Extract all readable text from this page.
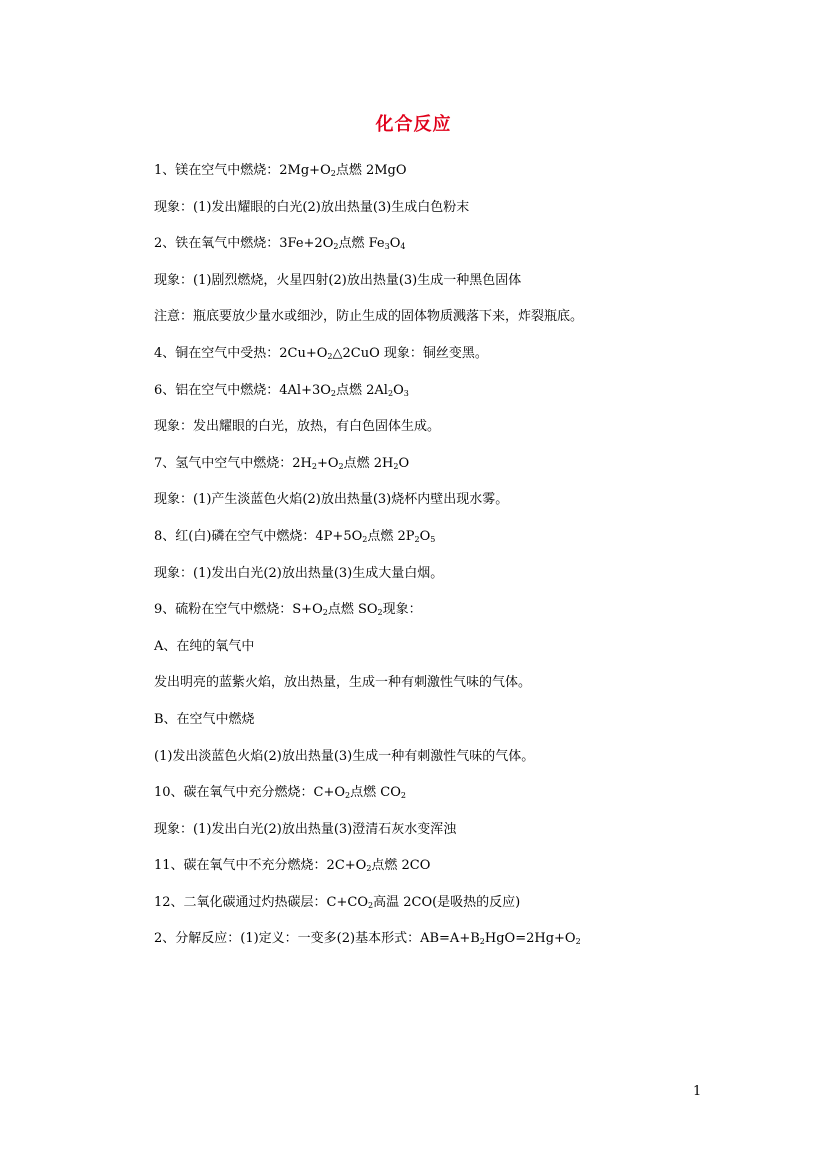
化合反应
1、镁在空气中燃烧：$2Mg+O_2$点燃 2MgO
现象：(1)发出耀眼的白光(2)放出热量(3)生成白色粉末
2、铁在氧气中燃烧：$3Fe+2O_2$点燃 $Fe_3O_4$
现象：(1)剧烈燃烧，火星四射(2)放出热量(3)生成一种黑色固体
注意：瓶底要放少量水或细沙，防止生成的固体物质溅落下来，炸裂瓶底。
4、铜在空气中受热：$2Cu+O_2\triangle 2CuO$ 现象：铜丝变黑。
6、铝在空气中燃烧：$4Al+3O_2$点燃 $2Al_2O_3$
现象：发出耀眼的白光，放热，有白色固体生成。
7、氢气中空气中燃烧：$2H_2+O_2$点燃 $2H_2O$
现象：(1)产生淡蓝色火焰(2)放出热量(3)烧杯内壁出现水雾。
8、红(白)磷在空气中燃烧：$4P+5O_2$点燃 $2P_2O_5$
现象：(1)发出白光(2)放出热量(3)生成大量白烟。
9、硫粉在空气中燃烧：$S+O_2$点燃 $SO_2$现象：
A、在纯的氧气中
发出明亮的蓝紫火焰，放出热量，生成一种有刺激性气味的气体。
B、在空气中燃烧
(1)发出淡蓝色火焰(2)放出热量(3)生成一种有刺激性气味的气体。
10、碳在氧气中充分燃烧：$C+O_2$点燃 $CO_2$
现象：(1)发出白光(2)放出热量(3)澄清石灰水变浑浊
11、碳在氧气中不充分燃烧：$2C+O_2$点燃 2CO
12、二氧化碳通过灼热碳层：$C+CO_2$高温 2CO(是吸热的反应)
2、分解反应：(1)定义：一变多(2)基本形式：$AB=A+B_2HgO=2Hg+O_2$
1
